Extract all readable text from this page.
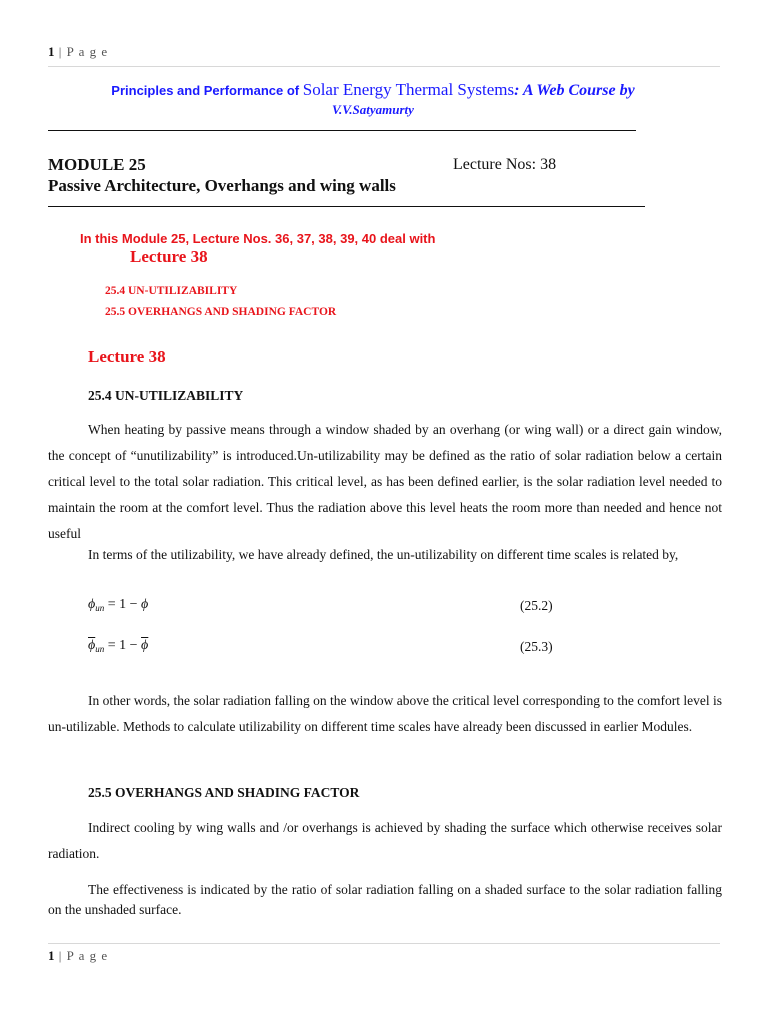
1 | P a g e
Principles and Performance of Solar Energy Thermal Systems: A Web Course by
V.V.Satyamurty
MODULE 25	Lecture Nos: 38
Passive Architecture, Overhangs and wing walls
In this Module 25, Lecture Nos. 36, 37, 38, 39, 40 deal with
Lecture 38
25.4 UN-UTILIZABILITY
25.5 OVERHANGS AND SHADING FACTOR
Lecture 38
25.4 UN-UTILIZABILITY
When heating by passive means through a window shaded by an overhang (or wing wall) or a direct gain window, the concept of “unutilizability” is introduced.Un-utilizability may be defined as the ratio of solar radiation below a certain critical level to the total solar radiation. This critical level, as has been defined earlier, is the solar radiation level needed to maintain the room at the comfort level. Thus the radiation above this level heats the room more than needed and hence not useful
In terms of the utilizability, we have already defined, the un-utilizability on different time scales is related by,
$\phi_{un} = 1 - \phi$	(25.2)
$\overline{\phi}_{un} = 1 - \overline{\phi}$	(25.3)
In other words, the solar radiation falling on the window above the critical level corresponding to the comfort level is un-utilizable. Methods to calculate utilizability on different time scales have already been discussed in earlier Modules.
25.5 OVERHANGS AND SHADING FACTOR
Indirect cooling by wing walls and /or overhangs is achieved by shading the surface which otherwise receives solar radiation.
The effectiveness is indicated by the ratio of solar radiation falling on a shaded surface to the solar radiation falling on the unshaded surface.
1 | P a g e
